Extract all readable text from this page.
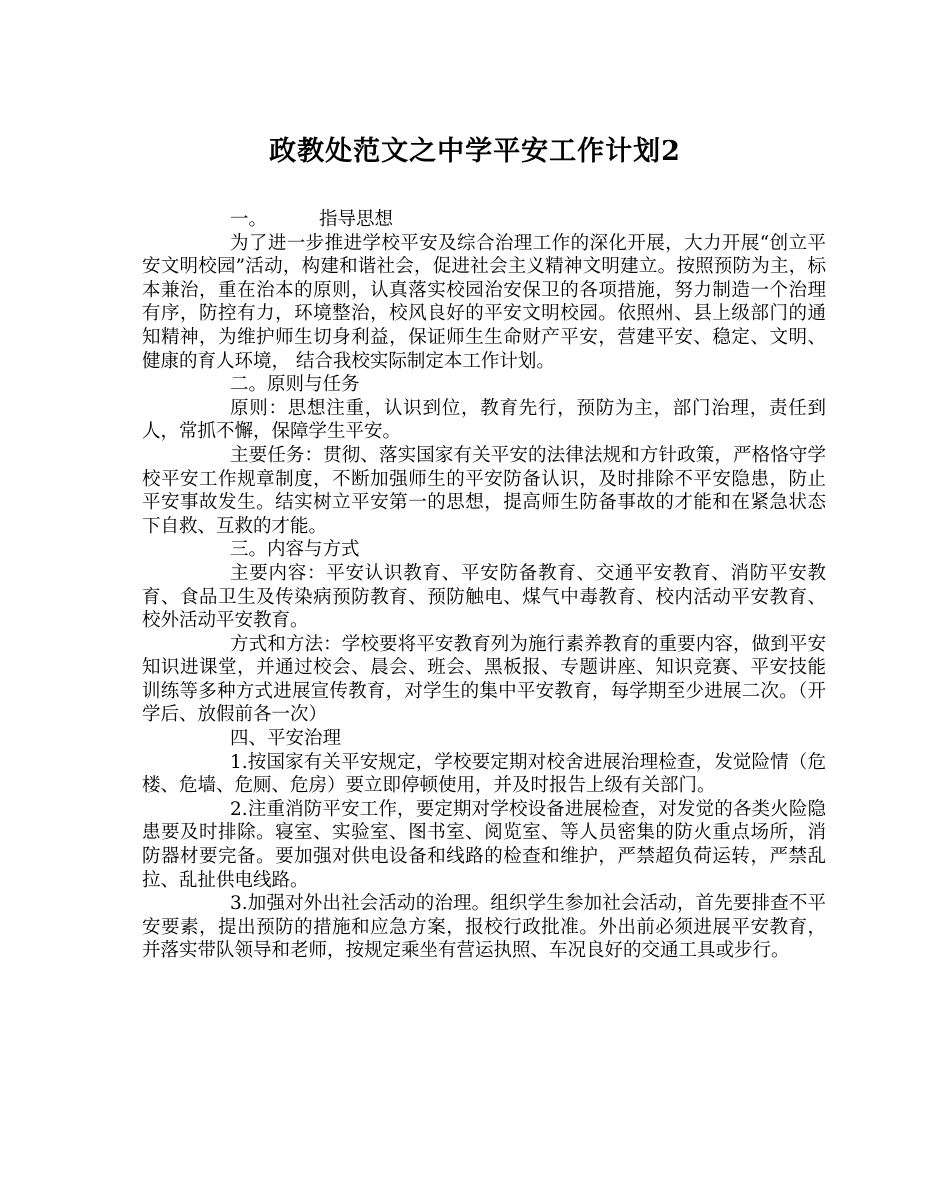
政教处范文之中学平安工作计划2

一。	指导思想

为了进一步推进学校平安及综合治理工作的深化开展，大力开展“创立平安文明校园”活动，构建和谐社会，促进社会主义精神文明建立。按照预防为主，标本兼治，重在治本的原则，认真落实校园治安保卫的各项措施，努力制造一个治理有序，防控有力，环境整治，校风良好的平安文明校园。依照州、县上级部门的通知精神，为维护师生切身利益，保证师生生命财产平安，营建平安、稳定、文明、健康的育人环境， 结合我校实际制定本工作计划。

二。原则与任务

原则：思想注重，认识到位，教育先行，预防为主，部门治理，责任到人，常抓不懈，保障学生平安。

主要任务：贯彻、落实国家有关平安的法律法规和方针政策，严格恪守学校平安工作规章制度，不断加强师生的平安防备认识，及时排除不平安隐患，防止平安事故发生。结实树立平安第一的思想，提高师生防备事故的才能和在紧急状态下自救、互救的才能。

三。内容与方式

主要内容：平安认识教育、平安防备教育、交通平安教育、消防平安教育、食品卫生及传染病预防教育、预防触电、煤气中毒教育、校内活动平安教育、校外活动平安教育。

方式和方法：学校要将平安教育列为施行素养教育的重要内容，做到平安知识进课堂，并通过校会、晨会、班会、黑板报、专题讲座、知识竞赛、平安技能训练等多种方式进展宣传教育，对学生的集中平安教育，每学期至少进展二次。（开学后、放假前各一次）

四、平安治理

1.按国家有关平安规定，学校要定期对校舍进展治理检查，发觉险情（危楼、危墙、危厕、危房）要立即停顿使用，并及时报告上级有关部门。

2.注重消防平安工作，要定期对学校设备进展检查，对发觉的各类火险隐患要及时排除。寝室、实验室、图书室、阅览室、等人员密集的防火重点场所，消防器材要完备。要加强对供电设备和线路的检查和维护，严禁超负荷运转，严禁乱拉、乱扯供电线路。

3.加强对外出社会活动的治理。组织学生参加社会活动，首先要排查不平安要素，提出预防的措施和应急方案，报校行政批准。外出前必须进展平安教育，并落实带队领导和老师，按规定乘坐有营运执照、车况良好的交通工具或步行。
